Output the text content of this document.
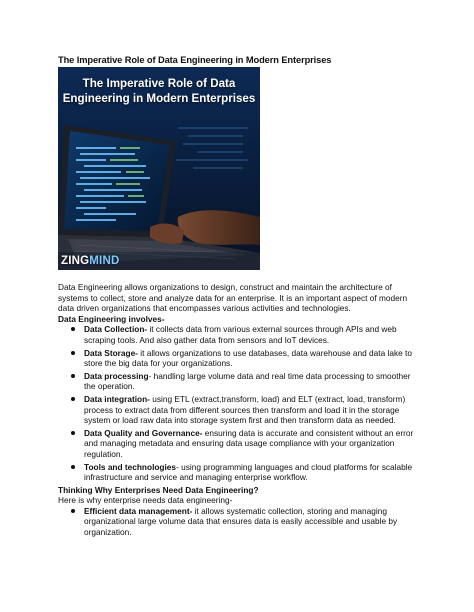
The Imperative Role of Data Engineering in Modern Enterprises
The Imperative Role of Data
Engineering in Modern Enterprises
ZINGMIND

Data Engineering allows organizations to design, construct and maintain the architecture of systems to collect, store and analyze data for an enterprise. It is an important aspect of modern data driven organizations that encompasses various activities and technologies.

Data Engineering involves-

Data Collection- it collects data from various external sources through APIs and web scraping tools. And also gather data from sensors and IoT devices.
Data Storage- it allows organizations to use databases, data warehouse and data lake to store the big data for your organizations.
Data processing- handling large volume data and real time data processing to smoother the operation.
Data integration- using ETL (extract,transform, load) and ELT (extract, load, transform) process to extract data from different sources then transform and load it in the storage system or load raw data into storage system first and then transform data as needed.
Data Quality and Governance- ensuring data is accurate and consistent without an error and managing metadata and ensuring data usage compliance with your organization regulation.
Tools and technologies- using programming languages and cloud platforms for scalable infrastructure and service and managing enterprise workflow.

Thinking Why Enterprises Need Data Engineering?

Here is why enterprise needs data engineering-

Efficient data management- it allows systematic collection, storing and managing organizational large volume data that ensures data is easily accessible and usable by organization.
